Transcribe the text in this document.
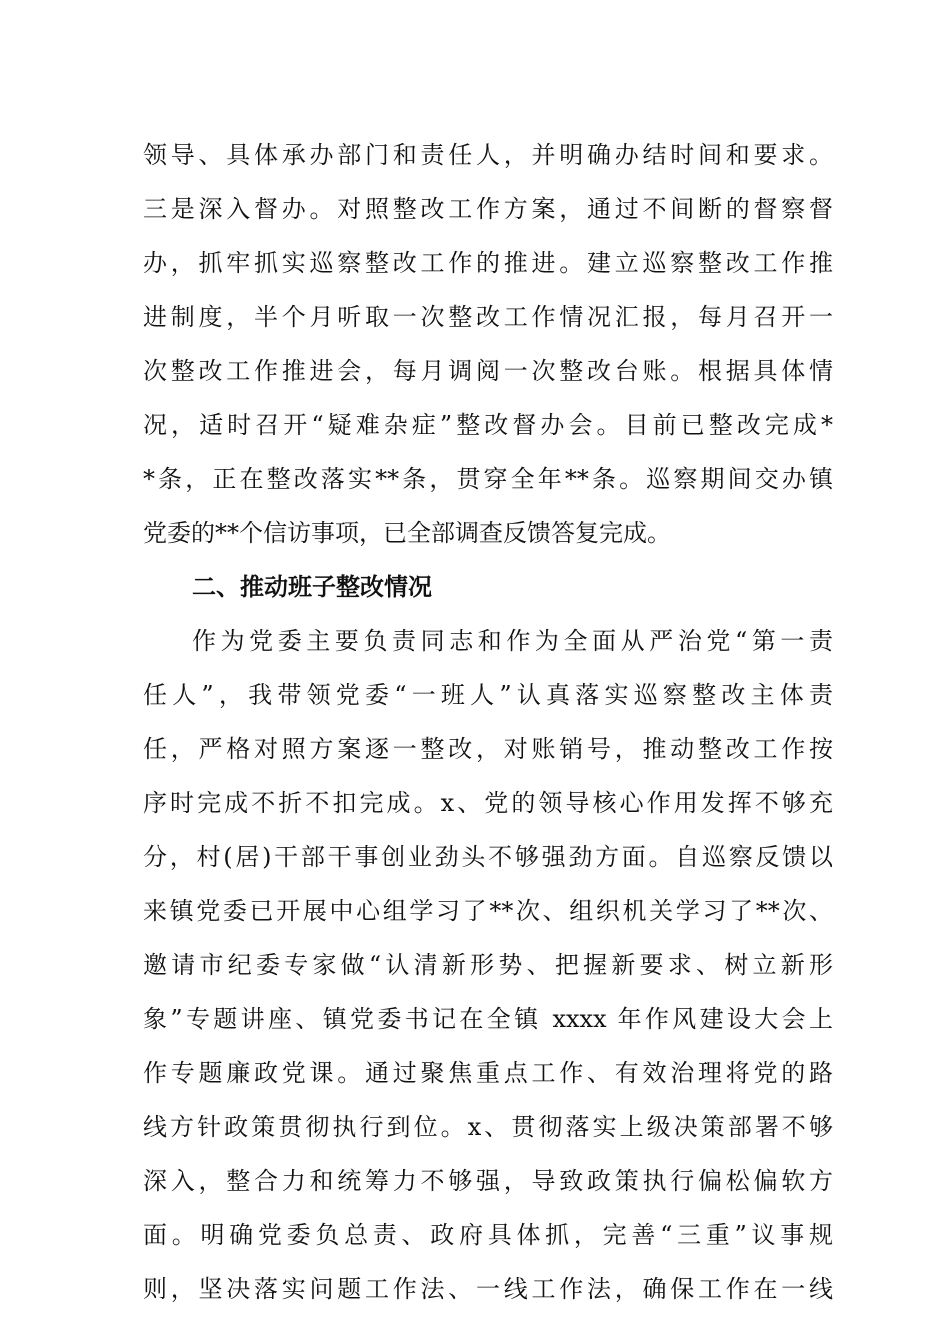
领导、具体承办部门和责任人，并明确办结时间和要求。
三是深入督办。对照整改工作方案，通过不间断的督察督
办，抓牢抓实巡察整改工作的推进。建立巡察整改工作推
进制度，半个月听取一次整改工作情况汇报，每月召开一
次整改工作推进会，每月调阅一次整改台账。根据具体情
况，适时召开“疑难杂症”整改督办会。目前已整改完成*
*条，正在整改落实**条，贯穿全年**条。巡察期间交办镇
党委的**个信访事项，已全部调查反馈答复完成。
二、推动班子整改情况
作为党委主要负责同志和作为全面从严治党“第一责
任人”，我带领党委“一班人”认真落实巡察整改主体责
任，严格对照方案逐一整改，对账销号，推动整改工作按
序时完成不折不扣完成。x、党的领导核心作用发挥不够充
分，村(居)干部干事创业劲头不够强劲方面。自巡察反馈以
来镇党委已开展中心组学习了**次、组织机关学习了**次、
邀请市纪委专家做“认清新形势、把握新要求、树立新形
象”专题讲座、镇党委书记在全镇 xxxx 年作风建设大会上
作专题廉政党课。通过聚焦重点工作、有效治理将党的路
线方针政策贯彻执行到位。x、贯彻落实上级决策部署不够
深入，整合力和统筹力不够强，导致政策执行偏松偏软方
面。明确党委负总责、政府具体抓，完善“三重”议事规
则，坚决落实问题工作法、一线工作法，确保工作在一线
